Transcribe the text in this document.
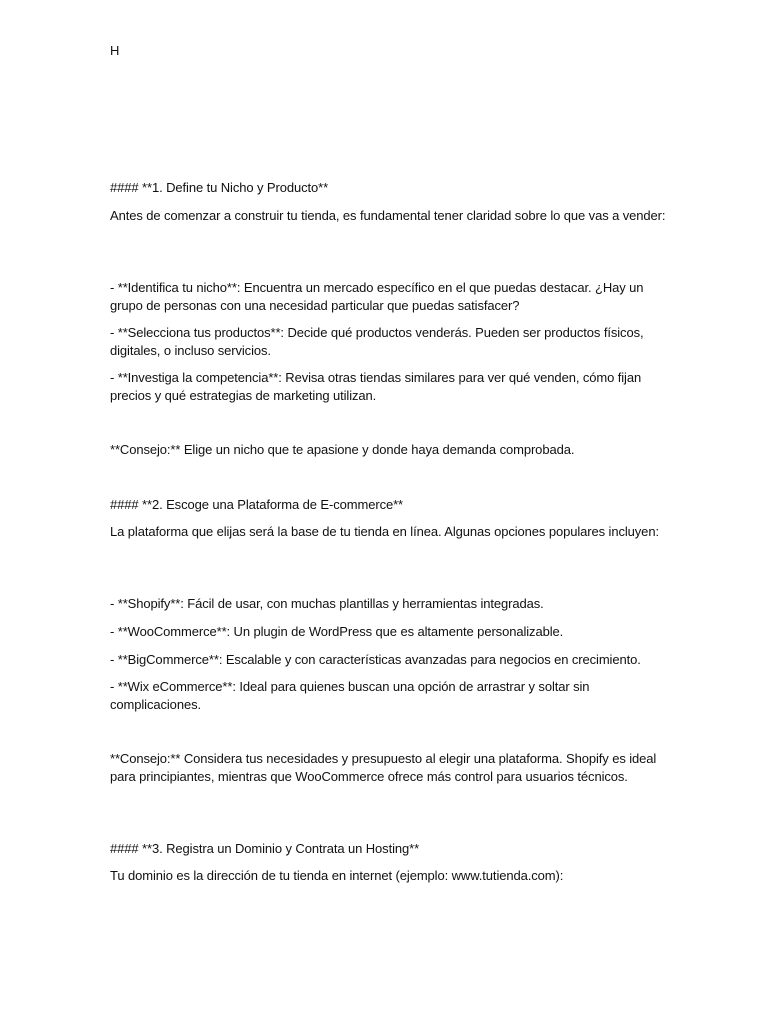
H

#### **1. Define tu Nicho y Producto**

Antes de comenzar a construir tu tienda, es fundamental tener claridad sobre lo que vas a vender:

- **Identifica tu nicho**: Encuentra un mercado específico en el que puedas destacar. ¿Hay un grupo de personas con una necesidad particular que puedas satisfacer?

- **Selecciona tus productos**: Decide qué productos venderás. Pueden ser productos físicos, digitales, o incluso servicios.

- **Investiga la competencia**: Revisa otras tiendas similares para ver qué venden, cómo fijan precios y qué estrategias de marketing utilizan.

**Consejo:** Elige un nicho que te apasione y donde haya demanda comprobada.

#### **2. Escoge una Plataforma de E-commerce**

La plataforma que elijas será la base de tu tienda en línea. Algunas opciones populares incluyen:

- **Shopify**: Fácil de usar, con muchas plantillas y herramientas integradas.

- **WooCommerce**: Un plugin de WordPress que es altamente personalizable.

- **BigCommerce**: Escalable y con características avanzadas para negocios en crecimiento.

- **Wix eCommerce**: Ideal para quienes buscan una opción de arrastrar y soltar sin complicaciones.

**Consejo:** Considera tus necesidades y presupuesto al elegir una plataforma. Shopify es ideal para principiantes, mientras que WooCommerce ofrece más control para usuarios técnicos.

#### **3. Registra un Dominio y Contrata un Hosting**

Tu dominio es la dirección de tu tienda en internet (ejemplo: www.tutienda.com):
